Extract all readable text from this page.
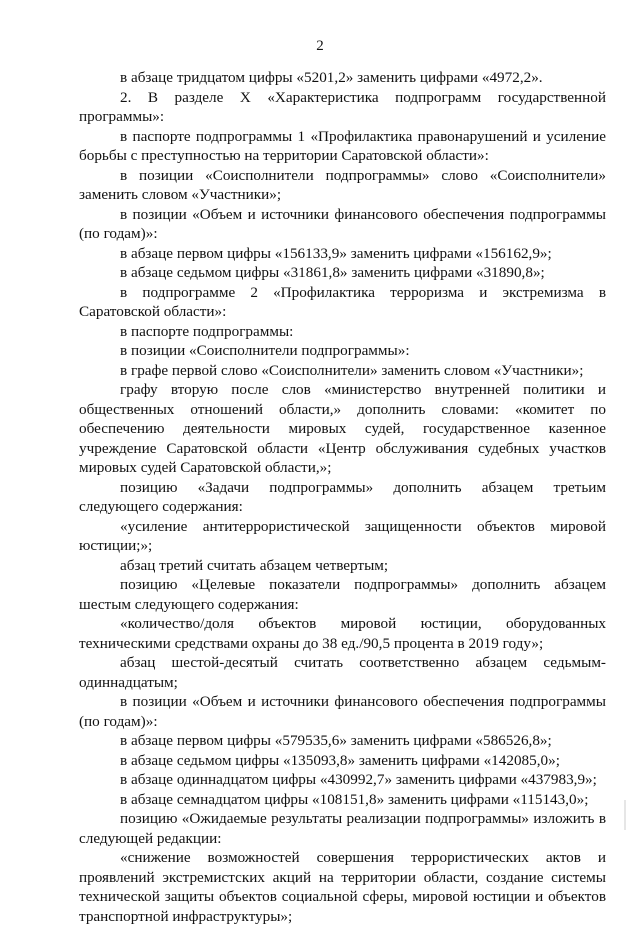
2

в абзаце тридцатом цифры «5201,2» заменить цифрами «4972,2».

2. В разделе X «Характеристика подпрограмм государственной программы»:

в паспорте подпрограммы 1 «Профилактика правонарушений и усиление борьбы с преступностью на территории Саратовской области»:

в позиции «Соисполнители подпрограммы» слово «Соисполнители» заменить словом «Участники»;

в позиции «Объем и источники финансового обеспечения подпрограммы (по годам)»:

в абзаце первом цифры «156133,9» заменить цифрами «156162,9»;

в абзаце седьмом цифры «31861,8» заменить цифрами «31890,8»;

в подпрограмме 2 «Профилактика терроризма и экстремизма в Саратовской области»:

в паспорте подпрограммы:

в позиции «Соисполнители подпрограммы»:

в графе первой слово «Соисполнители» заменить словом «Участники»;

графу вторую после слов «министерство внутренней политики и общественных отношений области,» дополнить словами: «комитет по обеспечению деятельности мировых судей, государственное казенное учреждение Саратовской области «Центр обслуживания судебных участков мировых судей Саратовской области,»;

позицию «Задачи подпрограммы» дополнить абзацем третьим следующего содержания:

«усиление антитеррористической защищенности объектов мировой юстиции;»;

абзац третий считать абзацем четвертым;

позицию «Целевые показатели подпрограммы» дополнить абзацем шестым следующего содержания:

«количество/доля объектов мировой юстиции, оборудованных техническими средствами охраны до 38 ед./90,5 процента в 2019 году»;

абзац шестой-десятый считать соответственно абзацем седьмым-одиннадцатым;

в позиции «Объем и источники финансового обеспечения подпрограммы (по годам)»:

в абзаце первом цифры «579535,6» заменить цифрами «586526,8»;

в абзаце седьмом цифры «135093,8» заменить цифрами «142085,0»;

в абзаце одиннадцатом цифры «430992,7» заменить цифрами «437983,9»;

в абзаце семнадцатом цифры «108151,8» заменить цифрами «115143,0»;

позицию «Ожидаемые результаты реализации подпрограммы» изложить в следующей редакции:

«снижение возможностей совершения террористических актов и проявлений экстремистских акций на территории области, создание системы технической защиты объектов социальной сферы, мировой юстиции и объектов транспортной инфраструктуры»;
